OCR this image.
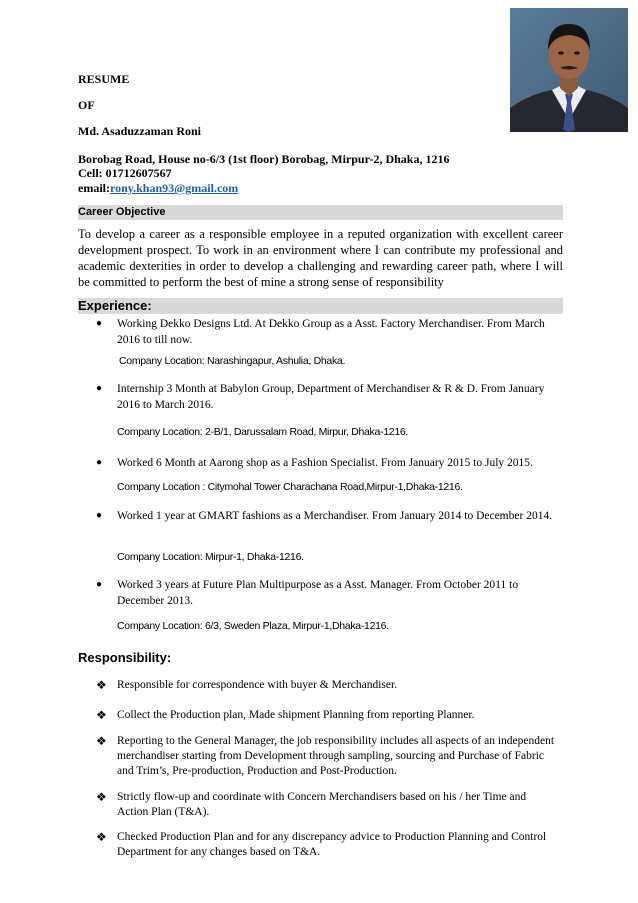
RESUME
OF
Md. Asaduzzaman Roni
Borobag Road, House no-6/3 (1st floor) Borobag, Mirpur-2, Dhaka, 1216
Cell: 01712607567
email:rony.khan93@gmail.com
Career Objective
To develop a career as a responsible employee in a reputed organization with excellent career development prospect. To work in an environment where I can contribute my professional and academic dexterities in order to develop a challenging and rewarding career path, where I will be committed to perform the best of mine a strong sense of responsibility
Experience:
● Working Dekko Designs Ltd. At Dekko Group as a Asst. Factory Merchandiser. From March 2016 to till now.
Company Location: Narashingapur, Ashulia, Dhaka.
● Internship 3 Month at Babylon Group, Department of Merchandiser & R & D. From January 2016 to March 2016.
Company Location: 2-B/1, Darussalam Road, Mirpur, Dhaka-1216.
● Worked 6 Month at Aarong shop as a Fashion Specialist. From January 2015 to July 2015.
Company Location : Citymohal Tower Charachana Road,Mirpur-1,Dhaka-1216.
● Worked 1 year at GMART fashions as a Merchandiser. From January 2014 to December 2014.
Company Location: Mirpur-1, Dhaka-1216.
● Worked 3 years at Future Plan Multipurpose as a Asst. Manager. From October 2011 to December 2013.
Company Location: 6/3, Sweden Plaza, Mirpur-1,Dhaka-1216.
Responsibility:
❖ Responsible for correspondence with buyer & Merchandiser.
❖ Collect the Production plan, Made shipment Planning from reporting Planner.
❖ Reporting to the General Manager, the job responsibility includes all aspects of an independent merchandiser starting from Development through sampling, sourcing and Purchase of Fabric and Trim’s, Pre-production, Production and Post-Production.
❖ Strictly flow-up and coordinate with Concern Merchandisers based on his / her Time and Action Plan (T&A).
❖ Checked Production Plan and for any discrepancy advice to Production Planning and Control Department for any changes based on T&A.
